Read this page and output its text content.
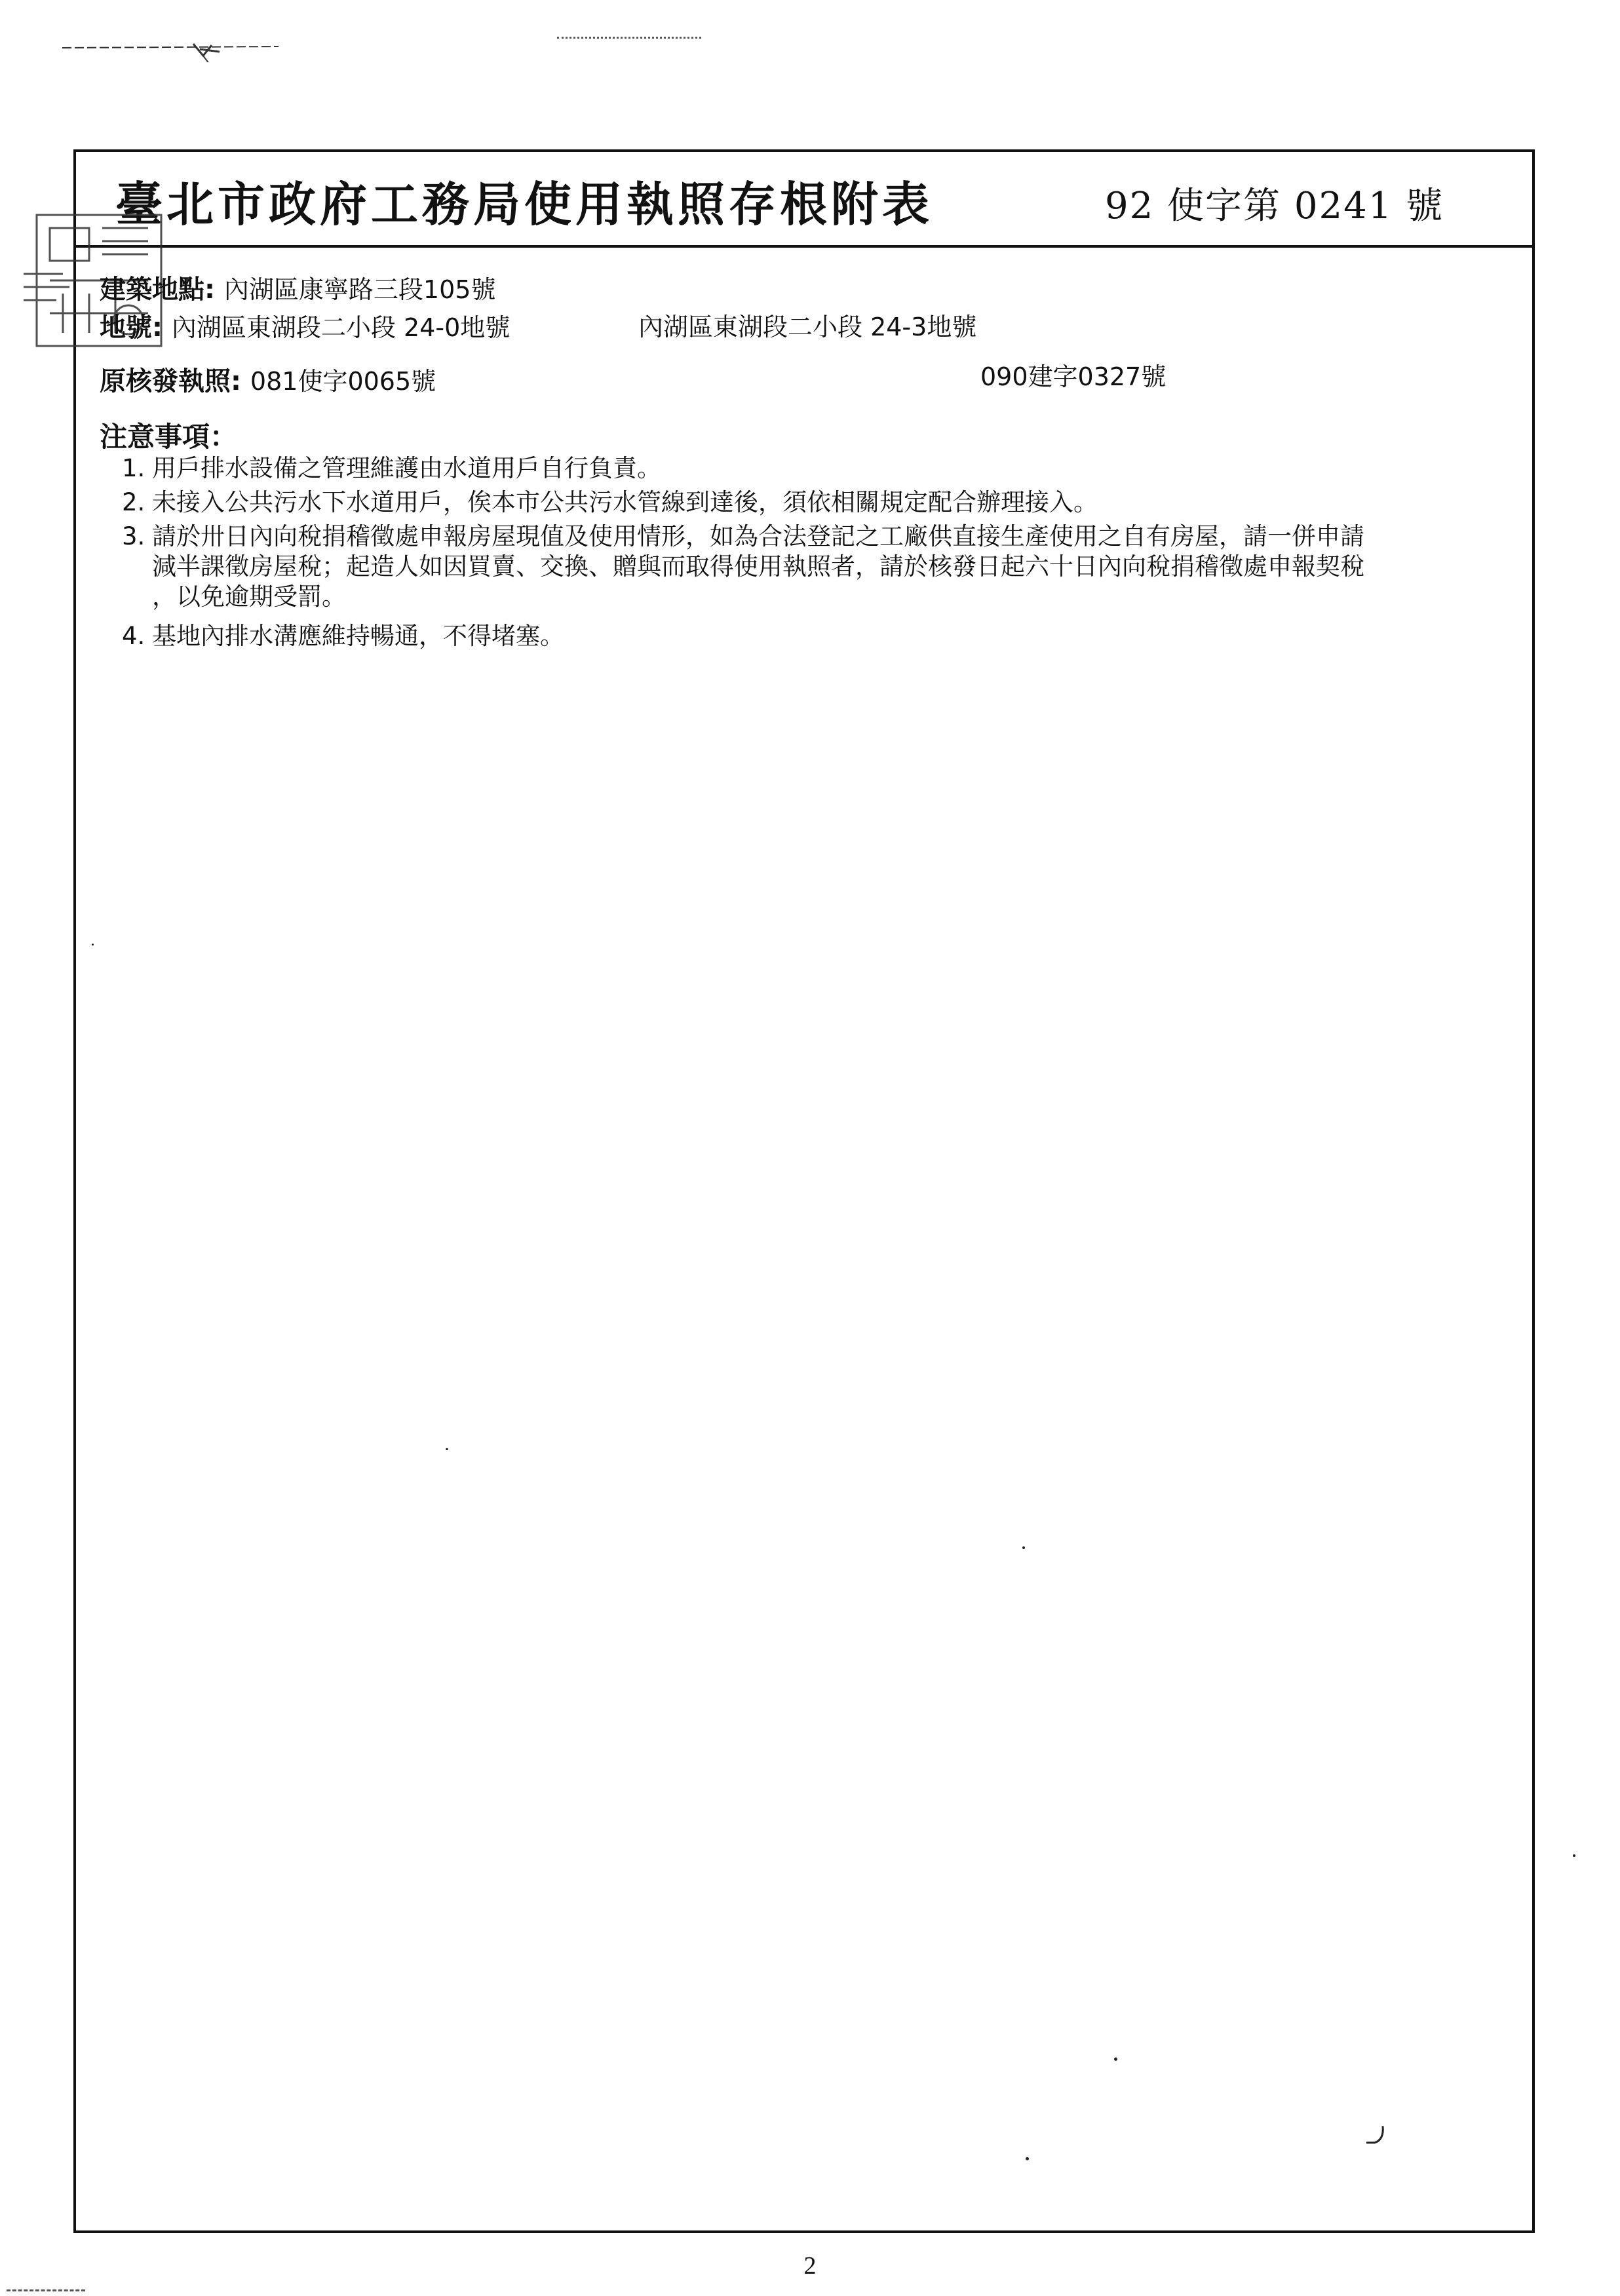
臺北市政府工務局使用執照存根附表	92 使字第 0241 號
建築地點: 內湖區康寧路三段105號
地號: 內湖區東湖段二小段 24-0地號	內湖區東湖段二小段 24-3地號
原核發執照: 081使字0065號	090建字0327號
注意事項：
1. 用戶排水設備之管理維護由水道用戶自行負責。
2. 未接入公共污水下水道用戶，俟本市公共污水管線到達後，須依相關規定配合辦理接入。
3. 請於卅日內向稅捐稽徵處申報房屋現值及使用情形，如為合法登記之工廠供直接生產使用之自有房屋，請一併申請
減半課徵房屋稅；起造人如因買賣、交換、贈與而取得使用執照者，請於核發日起六十日內向稅捐稽徵處申報契稅
，以免逾期受罰。
4. 基地內排水溝應維持暢通，不得堵塞。
2
